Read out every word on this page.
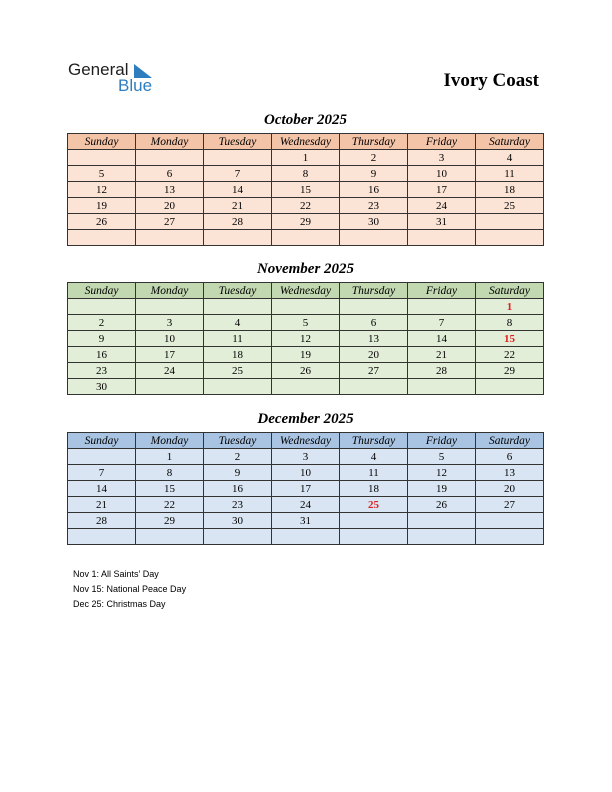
General
Blue	Ivory Coast
October 2025
Sunday	Monday	Tuesday	Wednesday	Thursday	Friday	Saturday
			1	2	3	4
5	6	7	8	9	10	11
12	13	14	15	16	17	18
19	20	21	22	23	24	25
26	27	28	29	30	31	

November 2025
Sunday	Monday	Tuesday	Wednesday	Thursday	Friday	Saturday
						1
2	3	4	5	6	7	8
9	10	11	12	13	14	15
16	17	18	19	20	21	22
23	24	25	26	27	28	29
30						
December 2025
Sunday	Monday	Tuesday	Wednesday	Thursday	Friday	Saturday
	1	2	3	4	5	6
7	8	9	10	11	12	13
14	15	16	17	18	19	20
21	22	23	24	25	26	27
28	29	30	31			

Nov 1: All Saints’ Day
Nov 15: National Peace Day
Dec 25: Christmas Day
